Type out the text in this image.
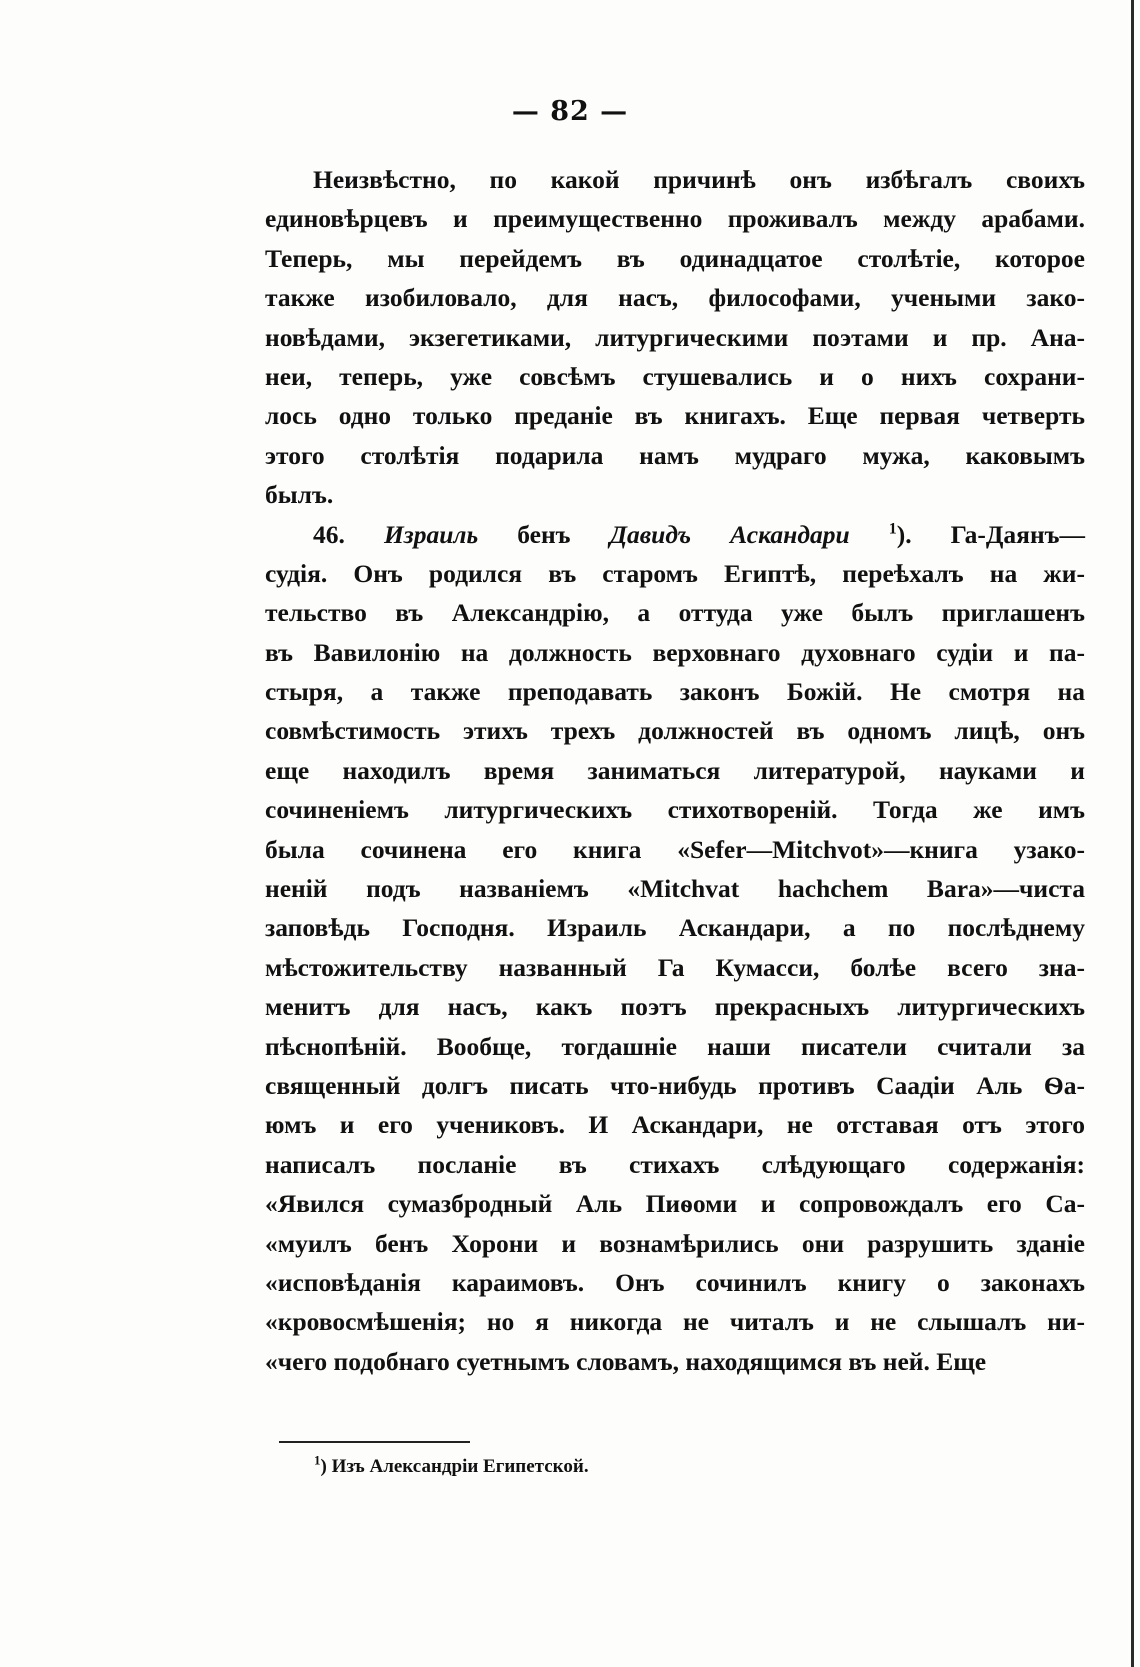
— 82 —
Неизвѣстно, по какой причинѣ онъ избѣгалъ своихъ
единовѣрцевъ и преимущественно проживалъ между арабами.
Теперь, мы перейдемъ въ одинадцатое столѣтіе, которое
также изобиловало, для насъ, философами, учеными зако-
новѣдами, экзегетиками, литургическими поэтами и пр. Ана-
неи, теперь, уже совсѣмъ стушевались и о нихъ сохрани-
лось одно только преданіе въ книгахъ. Еще первая четверть
этого столѣтія подарила намъ мудраго мужа, каковымъ
былъ.
46. Израиль бенъ Давидъ Аскандари $^1$). Га-Даянъ—
судія. Онъ родился въ старомъ Египтѣ, переѣхалъ на жи-
тельство въ Александрію, а оттуда уже былъ приглашенъ
въ Вавилонію на должность верховнаго духовнаго судіи и па-
стыря, а также преподавать законъ Божій. Не смотря на
совмѣстимость этихъ трехъ должностей въ одномъ лицѣ, онъ
еще находилъ время заниматься литературой, науками и
сочиненіемъ литургическихъ стихотвореній. Тогда же имъ
была сочинена его книга «Sefer—Mitchvot»—книга узако-
неній подъ названіемъ «Mitchvat hachchem Bara»—чиста
заповѣдь Господня. Израиль Аскандари, а по послѣднему
мѣстожительству названный Га Кумасси, болѣе всего зна-
менитъ для насъ, какъ поэтъ прекрасныхъ литургическихъ
пѣснопѣній. Вообще, тогдашніе наши писатели считали за
священный долгъ писать что-нибудь противъ Саадіи Аль Ѳа-
юмъ и его учениковъ. И Аскандари, не отставая отъ этого
написалъ посланіе въ стихахъ слѣдующаго содержанія:
«Явился сумазбродный Аль Пиѳоми и сопровождалъ его Са-
«муилъ бенъ Хорони и вознамѣрились они разрушить зданіе
«исповѣданія караимовъ. Онъ сочинилъ книгу о законахъ
«кровосмѣшенія; но я никогда не читалъ и не слышалъ ни-
«чего подобнаго суетнымъ словамъ, находящимся въ ней. Еще
$^1$) Изъ Александріи Египетской.
